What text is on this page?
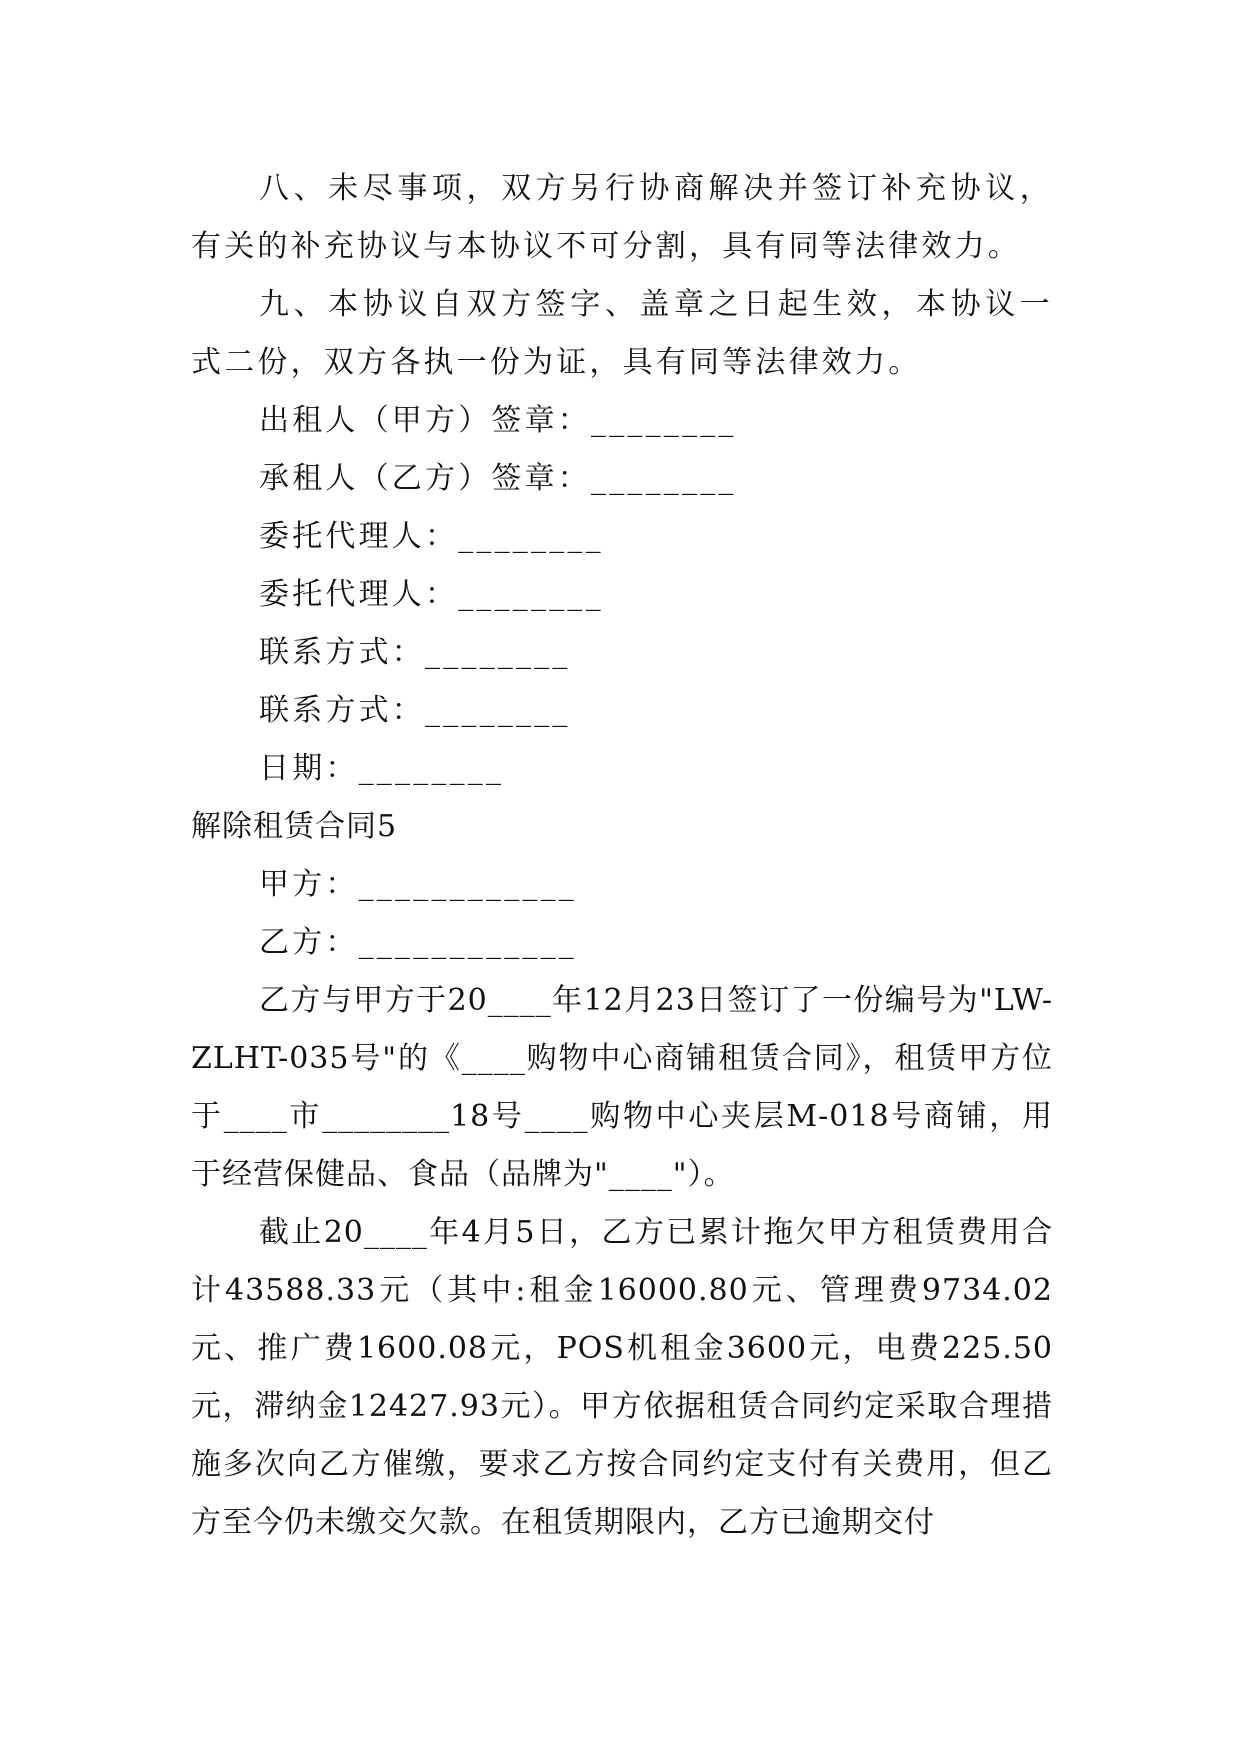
八、未尽事项，双方另行协商解决并签订补充协议，有关的补充协议与本协议不可分割，具有同等法律效力。

九、本协议自双方签字、盖章之日起生效，本协议一式二份，双方各执一份为证，具有同等法律效力。

出租人（甲方）签章：________

承租人（乙方）签章：________

委托代理人：________

委托代理人：________

联系方式：________

联系方式：________

日期：________

解除租赁合同5

甲方：____________

乙方：____________

乙方与甲方于20____年12月23日签订了一份编号为"LW-ZLHT-035号"的《____购物中心商铺租赁合同》，租赁甲方位于____市________18号____购物中心夹层M-018号商铺，用于经营保健品、食品（品牌为"____"）。

截止20____年4月5日，乙方已累计拖欠甲方租赁费用合计43588.33元（其中:租金16000.80元、管理费9734.02元、推广费1600.08元，POS机租金3600元，电费225.50元，滞纳金12427.93元）。甲方依据租赁合同约定采取合理措施多次向乙方催缴，要求乙方按合同约定支付有关费用，但乙方至今仍未缴交欠款。在租赁期限内，乙方已逾期交付
